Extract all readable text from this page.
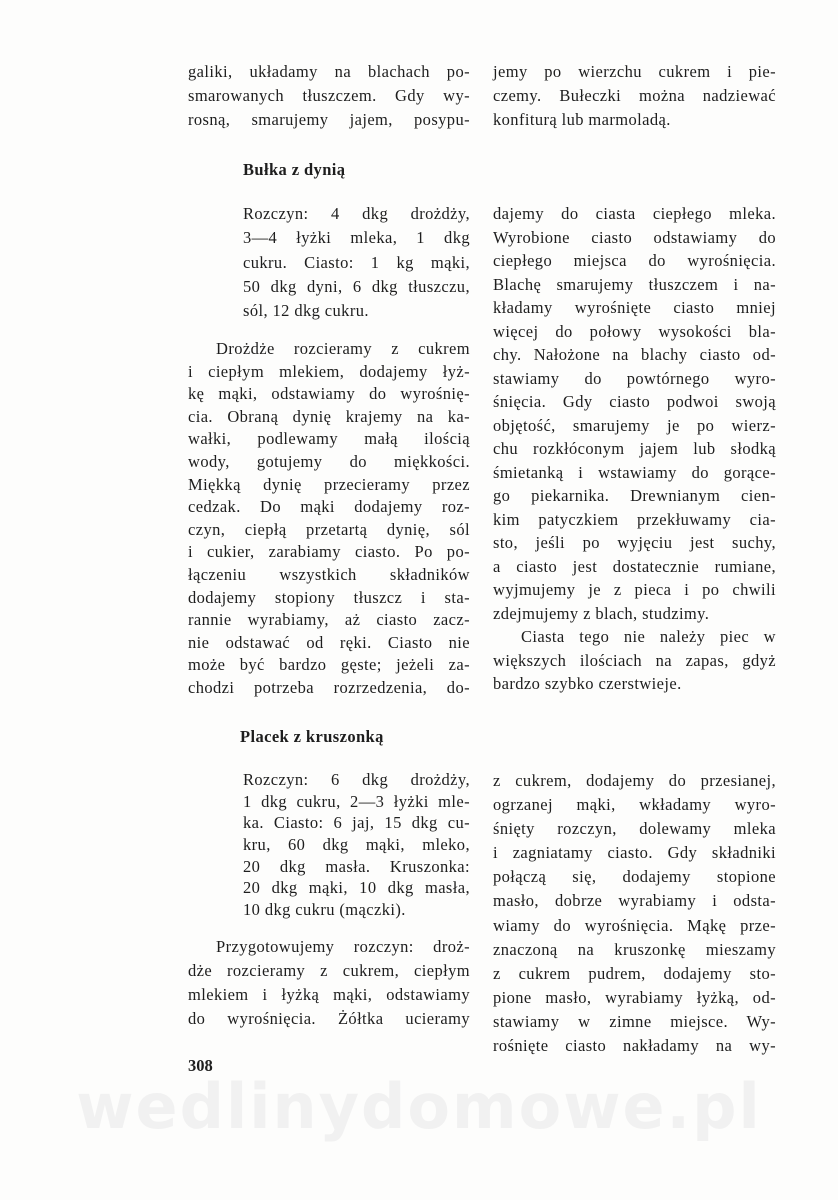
galiki, układamy na blachach po-
smarowanych tłuszczem. Gdy wy-
rosną, smarujemy jajem, posypu-
jemy po wierzchu cukrem i pie-
czemy. Bułeczki można nadziewać
konfiturą lub marmoladą.
Bułka z dynią
Rozczyn: 4 dkg drożdży,
3—4 łyżki mleka, 1 dkg
cukru. Ciasto: 1 kg mąki,
50 dkg dyni, 6 dkg tłuszczu,
sól, 12 dkg cukru.
Drożdże rozcieramy z cukrem
i ciepłym mlekiem, dodajemy łyż-
kę mąki, odstawiamy do wyrośnię-
cia. Obraną dynię krajemy na ka-
wałki, podlewamy małą ilością
wody, gotujemy do miękkości.
Miękką dynię przecieramy przez
cedzak. Do mąki dodajemy roz-
czyn, ciepłą przetartą dynię, sól
i cukier, zarabiamy ciasto. Po po-
łączeniu wszystkich składników
dodajemy stopiony tłuszcz i sta-
rannie wyrabiamy, aż ciasto zacz-
nie odstawać od ręki. Ciasto nie
może być bardzo gęste; jeżeli za-
chodzi potrzeba rozrzedzenia, do-
dajemy do ciasta ciepłego mleka.
Wyrobione ciasto odstawiamy do
ciepłego miejsca do wyrośnięcia.
Blachę smarujemy tłuszczem i na-
kładamy wyrośnięte ciasto mniej
więcej do połowy wysokości bla-
chy. Nałożone na blachy ciasto od-
stawiamy do powtórnego wyro-
śnięcia. Gdy ciasto podwoi swoją
objętość, smarujemy je po wierz-
chu rozkłóconym jajem lub słodką
śmietanką i wstawiamy do gorące-
go piekarnika. Drewnianym cien-
kim patyczkiem przekłuwamy cia-
sto, jeśli po wyjęciu jest suchy,
a ciasto jest dostatecznie rumiane,
wyjmujemy je z pieca i po chwili
zdejmujemy z blach, studzimy.
Ciasta tego nie należy piec w
większych ilościach na zapas, gdyż
bardzo szybko czerstwieje.
Placek z kruszonką
Rozczyn: 6 dkg drożdży,
1 dkg cukru, 2—3 łyżki mle-
ka. Ciasto: 6 jaj, 15 dkg cu-
kru, 60 dkg mąki, mleko,
20 dkg masła. Kruszonka:
20 dkg mąki, 10 dkg masła,
10 dkg cukru (mączki).
Przygotowujemy rozczyn: droż-
dże rozcieramy z cukrem, ciepłym
mlekiem i łyżką mąki, odstawiamy
do wyrośnięcia. Żółtka ucieramy
z cukrem, dodajemy do przesianej,
ogrzanej mąki, wkładamy wyro-
śnięty rozczyn, dolewamy mleka
i zagniatamy ciasto. Gdy składniki
połączą się, dodajemy stopione
masło, dobrze wyrabiamy i odsta-
wiamy do wyrośnięcia. Mąkę prze-
znaczoną na kruszonkę mieszamy
z cukrem pudrem, dodajemy sto-
pione masło, wyrabiamy łyżką, od-
stawiamy w zimne miejsce. Wy-
rośnięte ciasto nakładamy na wy-
308
wedlinydomowe.pl
